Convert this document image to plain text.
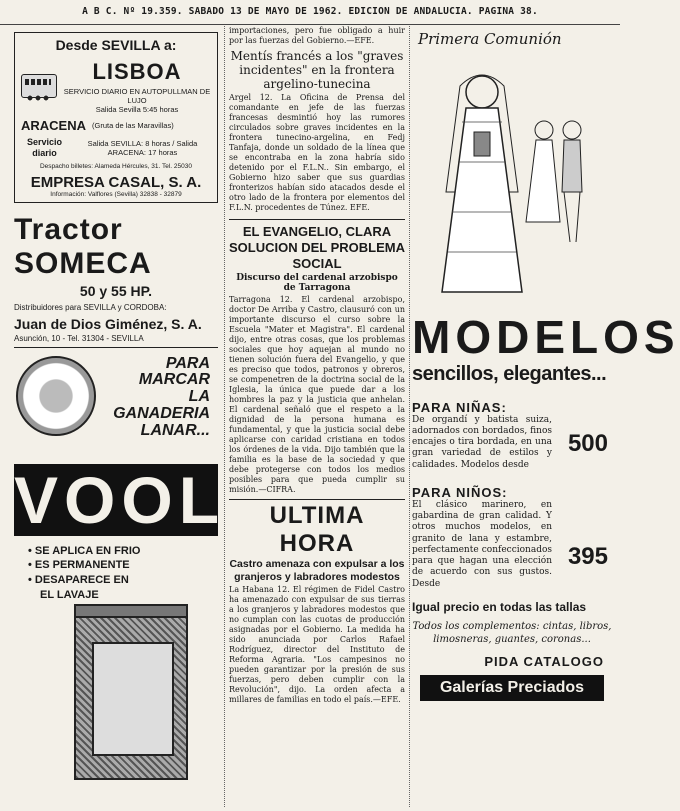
A B C. Nº 19.359. SABADO 13 DE MAYO DE 1962. EDICION DE ANDALUCIA. PAGINA 38.
Desde SEVILLA a:
LISBOA
SERVICIO DIARIO EN AUTOPULLMAN DE LUJO
Salida Sevilla 5:45 horas
ARACENA (Gruta de las Maravillas)
Servicio diario
Salida SEVILLA: 8 horas / Salida ARACENA: 17 horas
Despacho billetes: Alameda Hércules, 31. Tel. 25030
EMPRESA CASAL, S. A.
Información: Valflores (Sevilla) 32838 - 32879
Tractor SOMECA
50 y 55 HP.
Distribuidores para SEVILLA y CORDOBA:
Juan de Dios Giménez, S. A.
Asunción, 10 - Tel. 31304 - SEVILLA
PARA
MARCAR
LA
GANADERIA
LANAR...
VOOL
• SE APLICA EN FRIO
• ES PERMANENTE
• DESAPARECE EN
EL LAVAJE
importaciones, pero fue obligado a huir por las fuerzas del Gobierno.—EFE.
Mentís francés a los "graves incidentes" en la frontera argelino-tunecina
Argel 12. La Oficina de Prensa del comandante en jefe de las fuerzas francesas desmintió hoy las rumores circulados sobre graves incidentes en la frontera tunecino-argelina, en Fedj Tanfaja, donde un soldado de la línea que se encontraba en la zona habría sido detenido por el F.L.N.. Sin embargo, el Gobierno hizo saber que sus guardias fronterizos habían sido atacados desde el otro lado de la frontera por elementos del F.L.N. procedentes de Túnez. EFE.
EL EVANGELIO, CLARA SOLUCION DEL PROBLEMA SOCIAL
Discurso del cardenal arzobispo de Tarragona
Tarragona 12. El cardenal arzobispo, doctor De Arriba y Castro, clausuró con un importante discurso el curso sobre la Escuela "Mater et Magistra". El cardenal dijo, entre otras cosas, que los problemas sociales que hoy aquejan al mundo no tienen solución fuera del Evangelio, y que es preciso que todos, patronos y obreros, se compenetren de la doctrina social de la Iglesia, la única que puede dar a los hombres la paz y la justicia que anhelan. El cardenal señaló que el respeto a la dignidad de la persona humana es fundamental, y que la justicia social debe aplicarse con caridad cristiana en todos los órdenes de la vida. Dijo también que la familia es la base de la sociedad y que debe protegerse con todos los medios posibles para que pueda cumplir su misión.—CIFRA.
ULTIMA HORA
Castro amenaza con expulsar a los granjeros y labradores modestos
La Habana 12. El régimen de Fidel Castro ha amenazado con expulsar de sus tierras a los granjeros y labradores modestos que no cumplan con las cuotas de producción asignadas por el Gobierno. La medida ha sido anunciada por Carlos Rafael Rodríguez, director del Instituto de Reforma Agraria. "Los campesinos no pueden garantizar por la presión de sus fuerzas, pero deben cumplir con la Revolución", dijo. La orden afecta a millares de familias en todo el país.—EFE.
Primera Comunión
MODELOS
sencillos, elegantes...
PARA NIÑAS:
De organdí y batista suiza, adornados con bordados, finos encajes o tira bordada, en una gran variedad de estilos y calidades. Modelos desde
500
PARA NIÑOS:
El clásico marinero, en gabardina de gran calidad. Y otros muchos modelos, en granito de lana y estambre, perfectamente confeccionados para que hagan una elección de acuerdo con sus gustos. Desde
395
Igual precio en todas las tallas
Todos los complementos: cintas, libros, limosneras, guantes, coronas...
PIDA CATALOGO
Galerías Preciados
